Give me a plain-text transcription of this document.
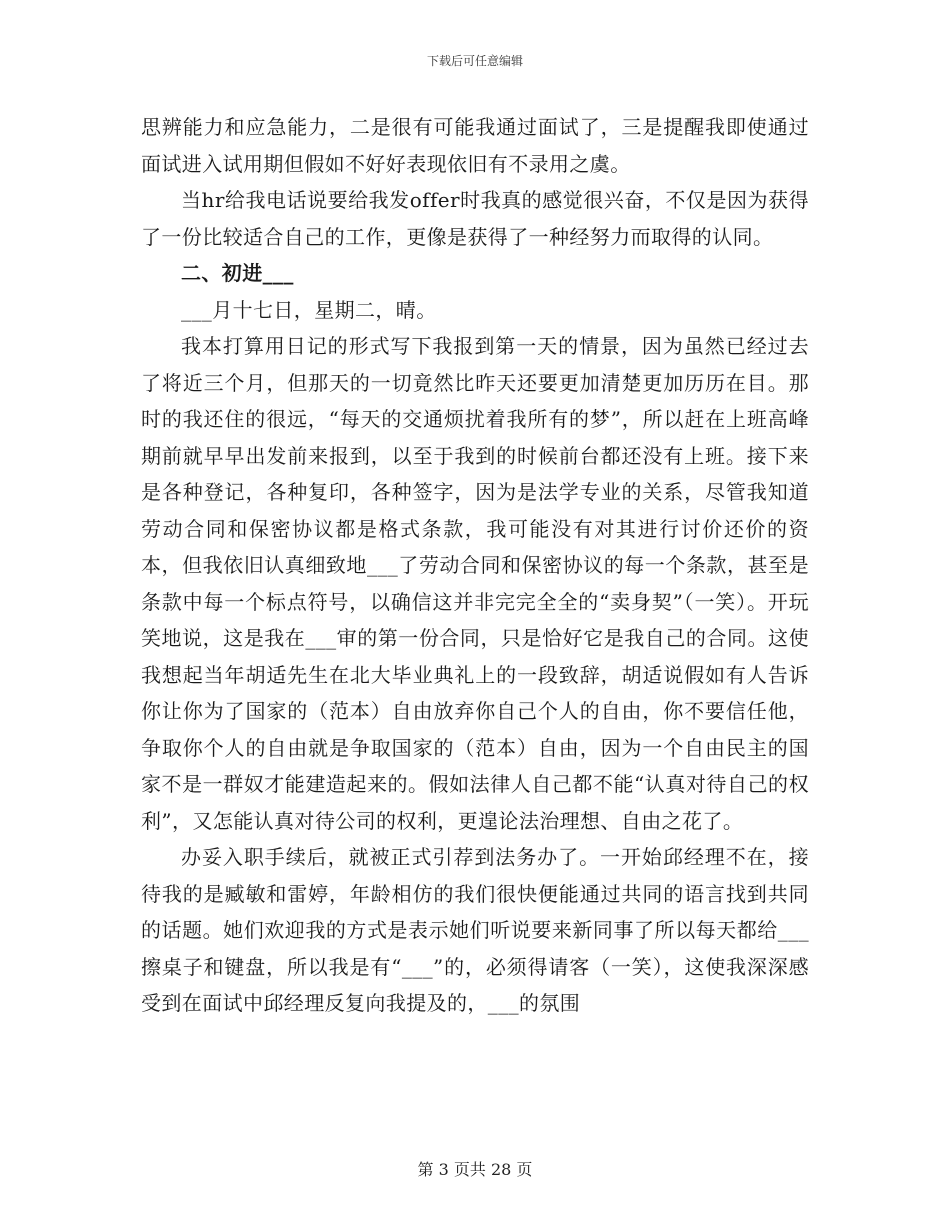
下载后可任意编辑

思辨能力和应急能力，二是很有可能我通过面试了，三是提醒我即使通过面试进入试用期但假如不好好表现依旧有不录用之虞。

当hr给我电话说要给我发offer时我真的感觉很兴奋，不仅是因为获得了一份比较适合自己的工作，更像是获得了一种经努力而取得的认同。

二、初进___

___月十七日，星期二，晴。

我本打算用日记的形式写下我报到第一天的情景，因为虽然已经过去了将近三个月，但那天的一切竟然比昨天还要更加清楚更加历历在目。那时的我还住的很远，“每天的交通烦扰着我所有的梦”，所以赶在上班高峰期前就早早出发前来报到，以至于我到的时候前台都还没有上班。接下来是各种登记，各种复印，各种签字，因为是法学专业的关系，尽管我知道劳动合同和保密协议都是格式条款，我可能没有对其进行讨价还价的资本，但我依旧认真细致地___了劳动合同和保密协议的每一个条款，甚至是条款中每一个标点符号，以确信这并非完完全全的“卖身契”（一笑）。开玩笑地说，这是我在___审的第一份合同，只是恰好它是我自己的合同。这使我想起当年胡适先生在北大毕业典礼上的一段致辞，胡适说假如有人告诉你让你为了国家的（范本）自由放弃你自己个人的自由，你不要信任他，争取你个人的自由就是争取国家的（范本）自由，因为一个自由民主的国家不是一群奴才能建造起来的。假如法律人自己都不能“认真对待自己的权利”，又怎能认真对待公司的权利，更遑论法治理想、自由之花了。

办妥入职手续后，就被正式引荐到法务办了。一开始邱经理不在，接待我的是臧敏和雷婷，年龄相仿的我们很快便能通过共同的语言找到共同的话题。她们欢迎我的方式是表示她们听说要来新同事了所以每天都给___擦桌子和键盘，所以我是有“___”的，必须得请客（一笑），这使我深深感受到在面试中邱经理反复向我提及的，___的氛围

第 3 页共 28 页
